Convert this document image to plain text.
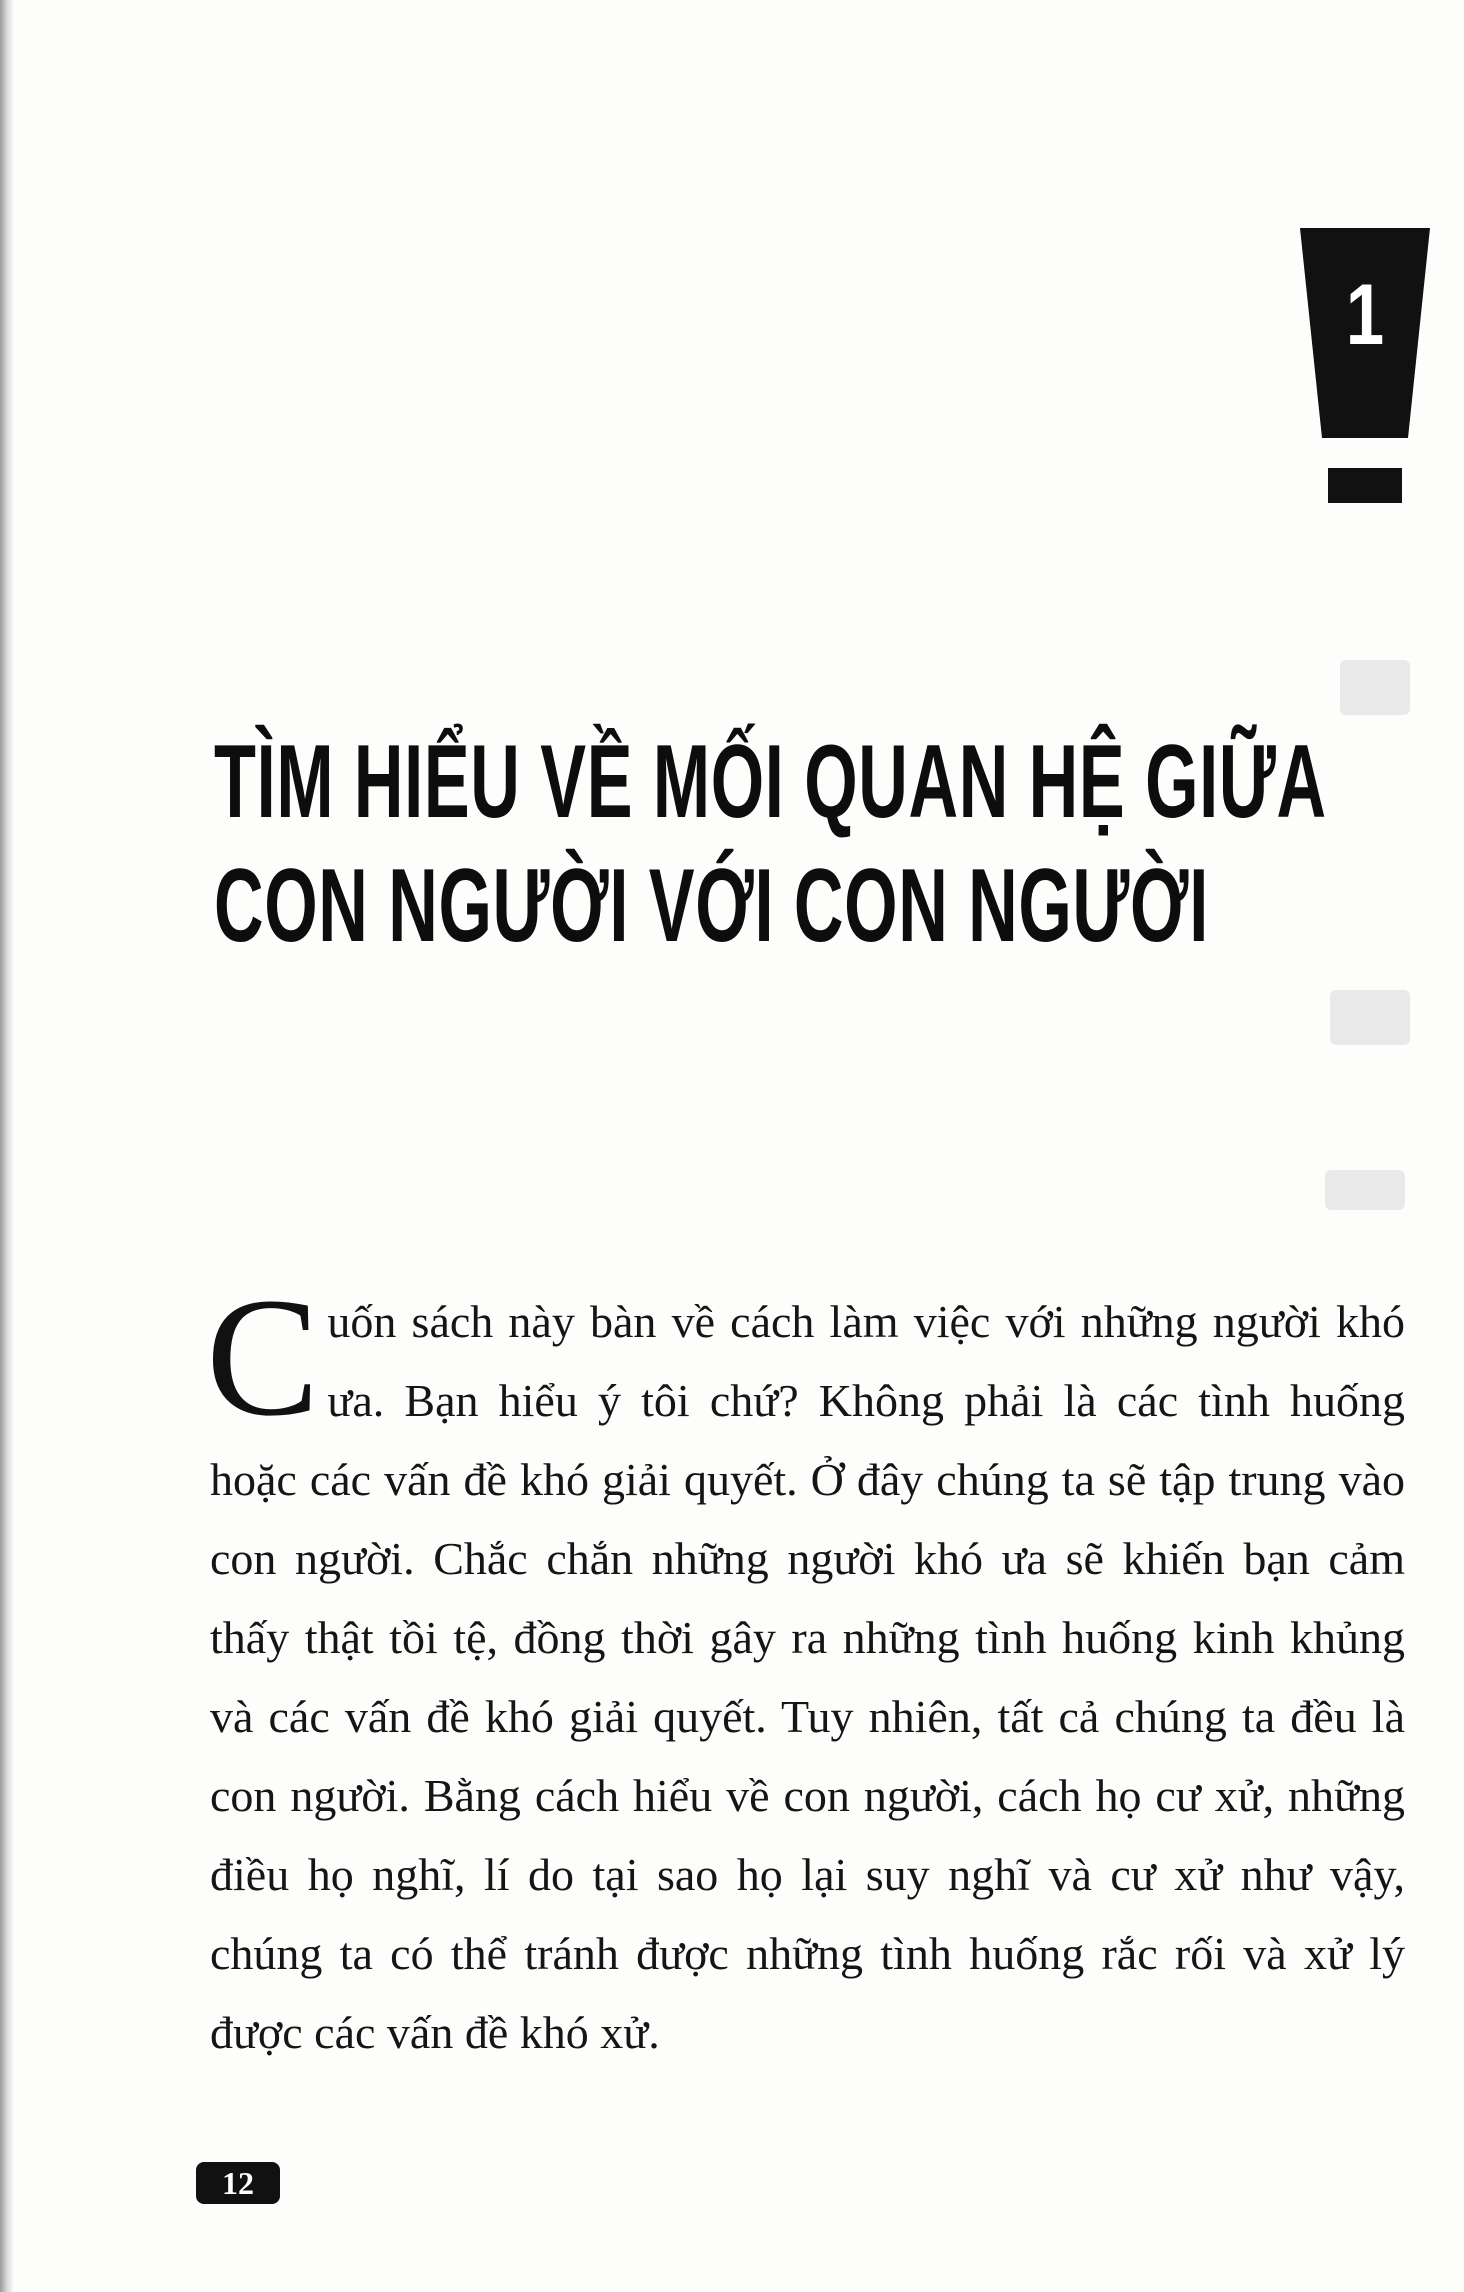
1
TÌM HIỂU VỀ MỐI QUAN HỆ GIỮA
CON NGƯỜI VỚI CON NGƯỜI
Cuốn sách này bàn về cách làm việc với những người khó ưa. Bạn hiểu ý tôi chứ? Không phải là các tình huống hoặc các vấn đề khó giải quyết. Ở đây chúng ta sẽ tập trung vào con người. Chắc chắn những người khó ưa sẽ khiến bạn cảm thấy thật tồi tệ, đồng thời gây ra những tình huống kinh khủng và các vấn đề khó giải quyết. Tuy nhiên, tất cả chúng ta đều là con người. Bằng cách hiểu về con người, cách họ cư xử, những điều họ nghĩ, lí do tại sao họ lại suy nghĩ và cư xử như vậy, chúng ta có thể tránh được những tình huống rắc rối và xử lý được các vấn đề khó xử.
12
